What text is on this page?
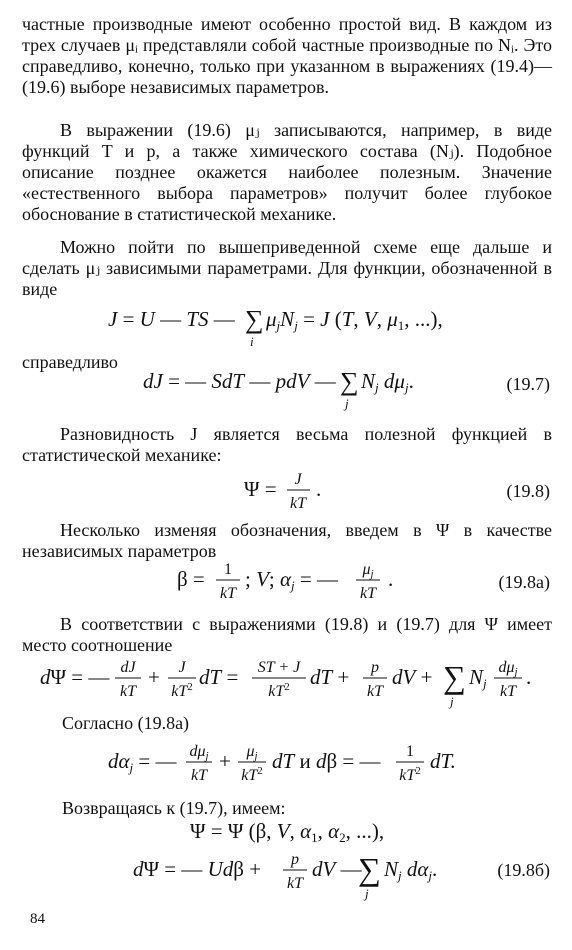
частные производные имеют особенно простой вид. В каждом из трех случаев μᵢ представляли собой частные производные по Nᵢ. Это справедливо, конечно, только при указанном в выражениях (19.4)—(19.6) выборе независимых параметров.

В выражении (19.6) μⱼ записываются, например, в виде функций T и p, а также химического состава (Nⱼ). Подобное описание позднее окажется наиболее полезным. Значение «естественного выбора параметров» получит более глубокое обоснование в статистической механике.

Можно пойти по вышеприведенной схеме еще дальше и сделать μⱼ зависимыми параметрами. Для функции, обозначенной в виде

J = U — TS — ∑
i
μjNj = J (T, V, μ1, ...),
справедливо
dJ = — SdT — pdV — ∑
j
Nj dμj.	(19.7)

Разновидность J является весьма полезной функцией в статистической механике:

Ψ = J
kT
.	(19.8)

Несколько изменяя обозначения, введем в Ψ в качестве независимых параметров

β = 1
kT
; V; αj = — μj
kT
.	(19.8а)

В соответствии с выражениями (19.8) и (19.7) для Ψ имеет место соотношение

dΨ = — dJ
kT
+ J
$kT^2$ dT = ST + J
$kT^2$ dT + p
kT
dV + ∑
j
Nj
dμj
kT
.
Согласно (19.8а)
dαj = — dμj
kT
+ μj
$kT^2$ dT и dβ = — 1
$kT^2$ dT.
Возвращаясь к (19.7), имеем:
Ψ = Ψ (β, V, α1, α2, ...),
dΨ = — Udβ + p
kT
dV —
∑
j
Nj dαj.	(19.8б)
84
